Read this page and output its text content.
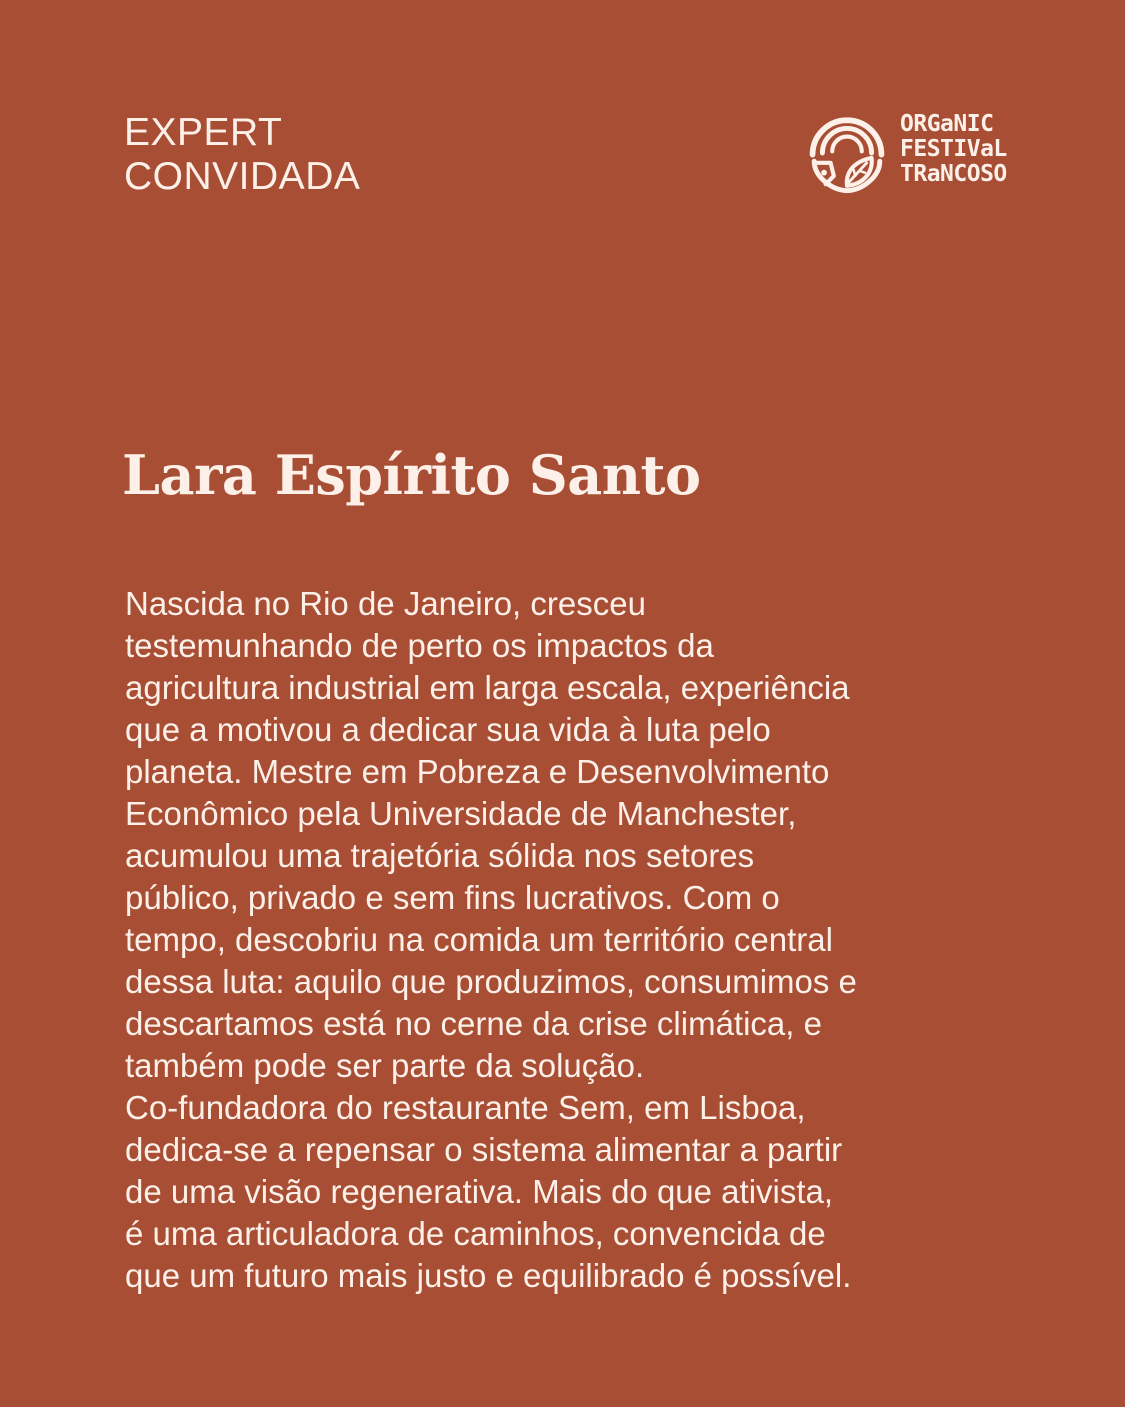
EXPERT
CONVIDADA
ORGaNIC
FESTIVaL
TRaNCOSO
Lara Espírito Santo
Nascida no Rio de Janeiro, cresceu
testemunhando de perto os impactos da
agricultura industrial em larga escala, experiência
que a motivou a dedicar sua vida à luta pelo
planeta. Mestre em Pobreza e Desenvolvimento
Econômico pela Universidade de Manchester,
acumulou uma trajetória sólida nos setores
público, privado e sem fins lucrativos. Com o
tempo, descobriu na comida um território central
dessa luta: aquilo que produzimos, consumimos e
descartamos está no cerne da crise climática, e
também pode ser parte da solução.
Co-fundadora do restaurante Sem, em Lisboa,
dedica-se a repensar o sistema alimentar a partir
de uma visão regenerativa. Mais do que ativista,
é uma articuladora de caminhos, convencida de
que um futuro mais justo e equilibrado é possível.
